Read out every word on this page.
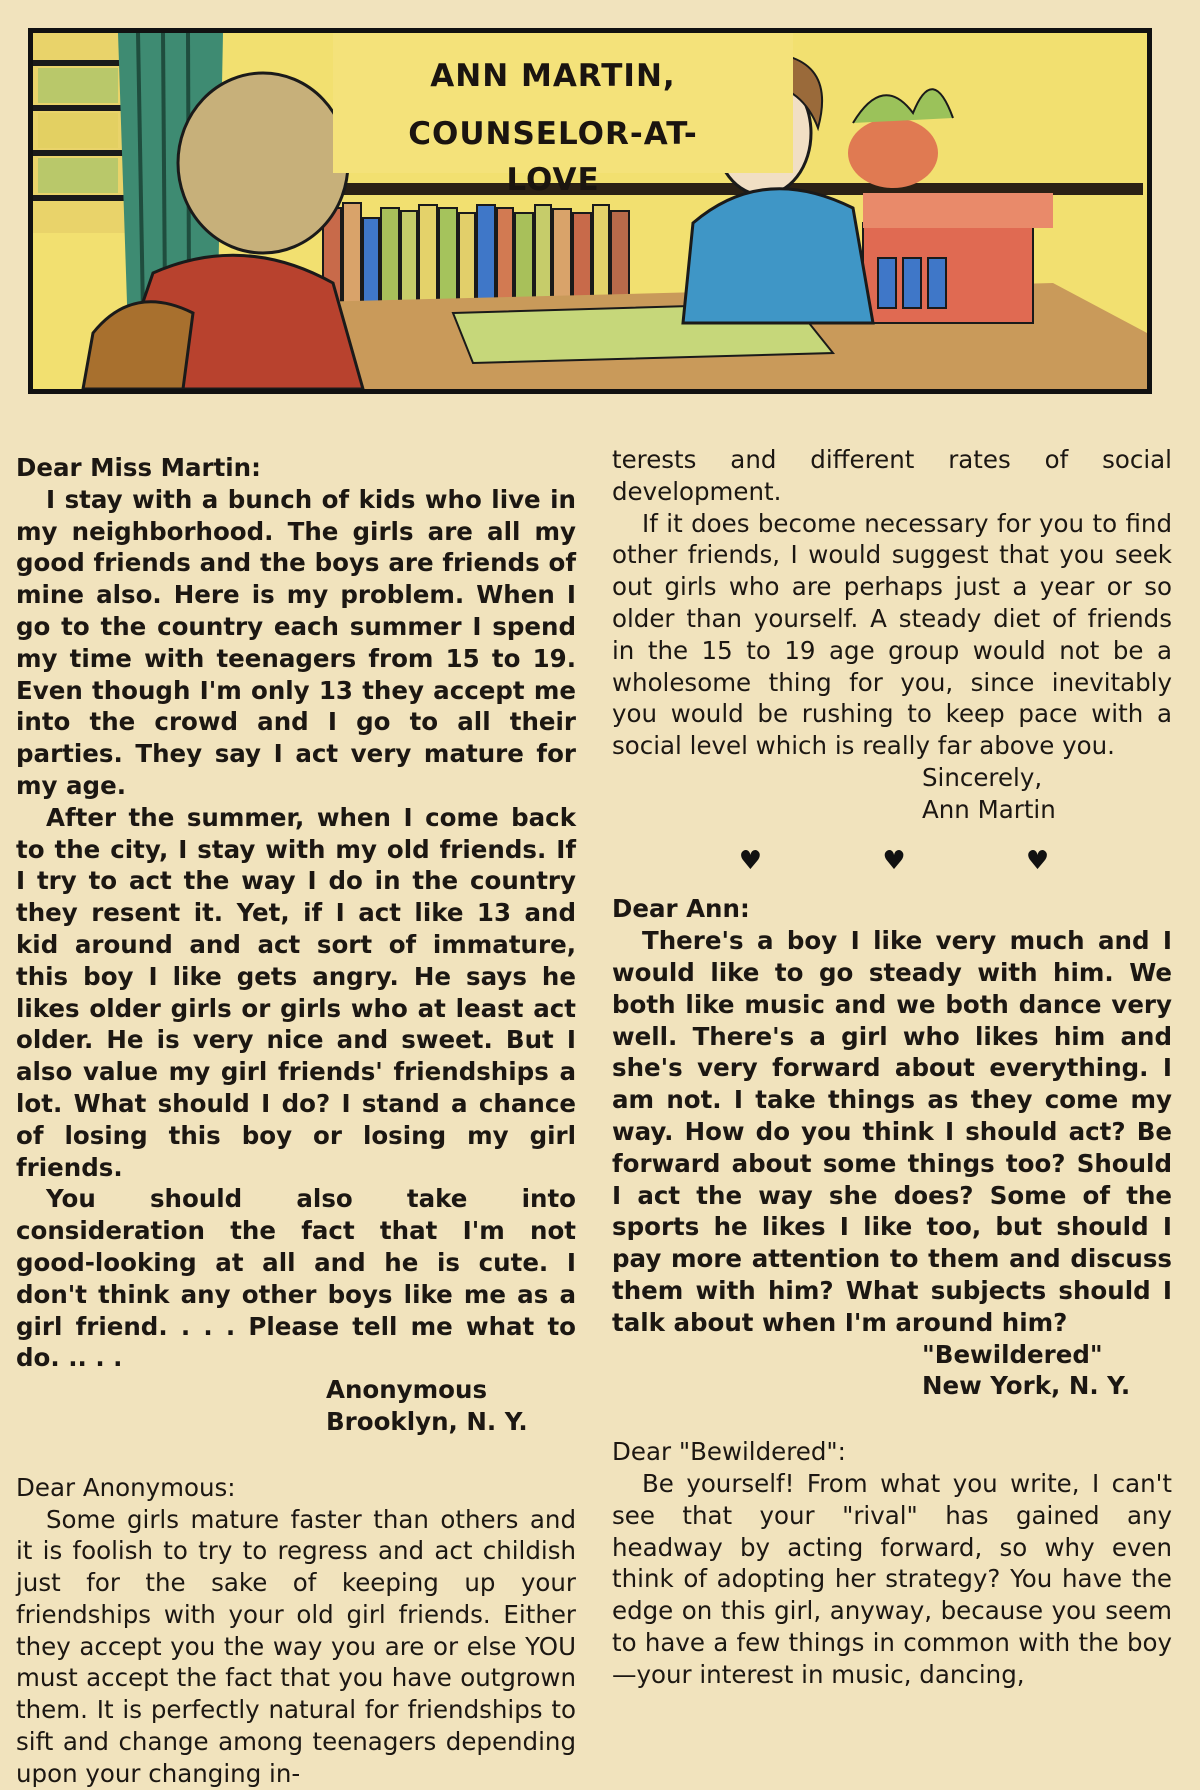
ANN MARTIN,
COUNSELOR-AT-LOVE

Dear Miss Martin:

I stay with a bunch of kids who live in my neighborhood. The girls are all my good friends and the boys are friends of mine also. Here is my problem. When I go to the country each summer I spend my time with teenagers from 15 to 19. Even though I'm only 13 they accept me into the crowd and I go to all their parties. They say I act very mature for my age.

After the summer, when I come back to the city, I stay with my old friends. If I try to act the way I do in the country they resent it. Yet, if I act like 13 and kid around and act sort of immature, this boy I like gets angry. He says he likes older girls or girls who at least act older. He is very nice and sweet. But I also value my girl friends' friendships a lot. What should I do? I stand a chance of losing this boy or losing my girl friends.

You should also take into consideration the fact that I'm not good-looking at all and he is cute. I don't think any other boys like me as a girl friend. . . . Please tell me what to do. .. . .

Anonymous

Brooklyn, N. Y.

Dear Anonymous:

Some girls mature faster than others and it is foolish to try to regress and act childish just for the sake of keeping up your friendships with your old girl friends. Either they accept you the way you are or else YOU must accept the fact that you have outgrown them. It is perfectly natural for friendships to sift and change among teenagers depending upon your changing in-

terests and different rates of social development.

If it does become necessary for you to find other friends, I would suggest that you seek out girls who are perhaps just a year or so older than yourself. A steady diet of friends in the 15 to 19 age group would not be a wholesome thing for you, since inevitably you would be rushing to keep pace with a social level which is really far above you.

Sincerely,

Ann Martin

♥ ♥ ♥

Dear Ann:

There's a boy I like very much and I would like to go steady with him. We both like music and we both dance very well. There's a girl who likes him and she's very forward about everything. I am not. I take things as they come my way. How do you think I should act? Be forward about some things too? Should I act the way she does? Some of the sports he likes I like too, but should I pay more attention to them and discuss them with him? What subjects should I talk about when I'm around him?

"Bewildered"

New York, N. Y.

Dear "Bewildered":

Be yourself! From what you write, I can't see that your "rival" has gained any headway by acting forward, so why even think of adopting her strategy? You have the edge on this girl, anyway, because you seem to have a few things in common with the boy—your interest in music, dancing,
